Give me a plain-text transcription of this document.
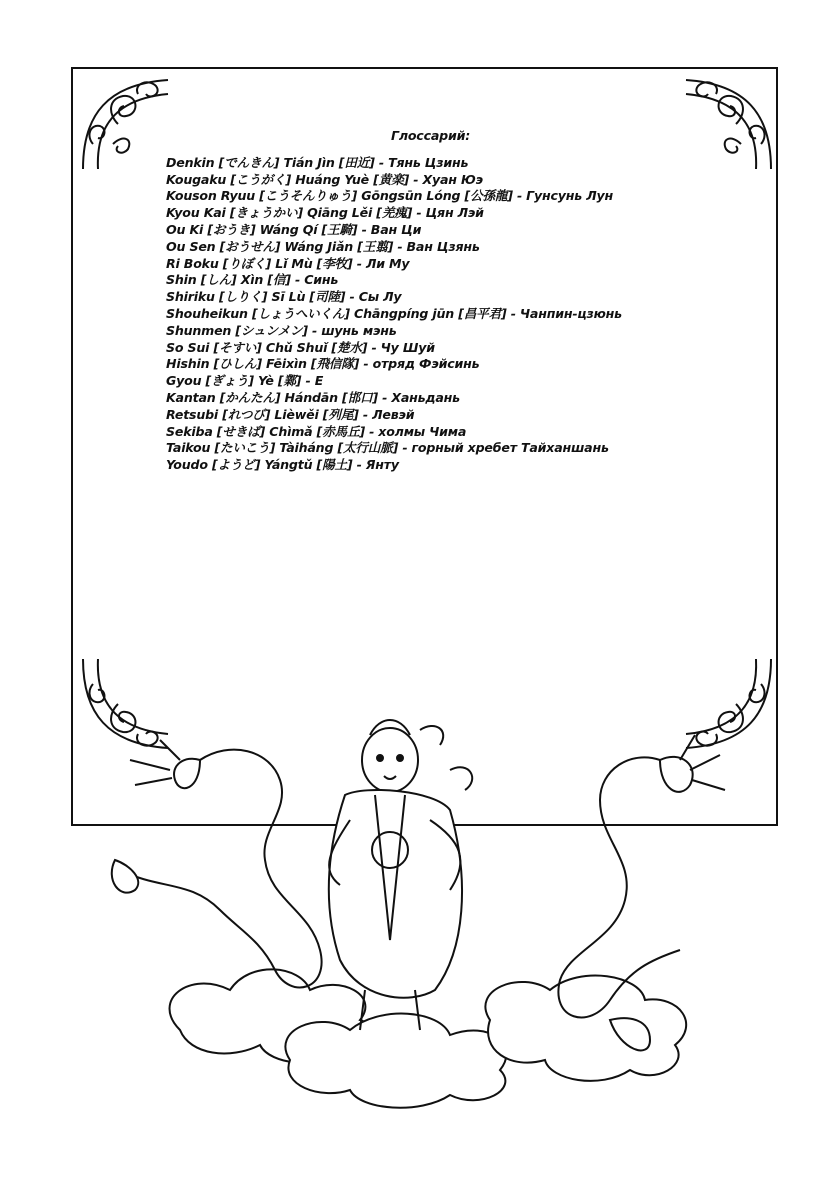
Глоссарий:
Denkin [でんきん] Tián Jìn [田近] - Тянь Цзинь
Kougaku [こうがく] Huáng Yuè [黄楽] - Хуан Юэ
Kouson Ryuu [こうそんりゅう] Gōngsūn Lóng [公孫龍] - Гунсунь Лун
Kyou Kai [きょうかい] Qiāng Lěi [羌瘣] - Цян Лэй
Ou Ki [おうき] Wáng Qí [王騎] - Ван Ци
Ou Sen [おうせん] Wáng Jiǎn [王翦] - Ван Цзянь
Ri Boku [りぼく] Lǐ Mù [李牧] - Ли Му
Shin [しん] Xìn [信] - Синь
Shiriku [しりく] Sī Lù [司陸] - Сы Лу
Shouheikun [しょうへいくん] Chāngpíng jūn [昌平君] - Чанпин-цзюнь
Shunmen [シュンメン] - шунь мэнь
So Sui [そすい] Chǔ Shuǐ [楚水] - Чу Шуй
Hishin [ひしん] Fēixìn [飛信隊] - отряд Фэйсинь
Gyou [ぎょう] Yè [鄴] - Е
Kantan [かんたん] Hándān [邯口] - Ханьдань
Retsubi [れつび] Lièwěi [列尾] - Левэй
Sekiba [せきば] Chìmǎ [赤馬丘] - холмы Чима
Taikou [たいこう] Tàiháng [太行山脈] - горный хребет Тайханшань
Youdo [ようど] Yángtǔ [陽土] - Янту
